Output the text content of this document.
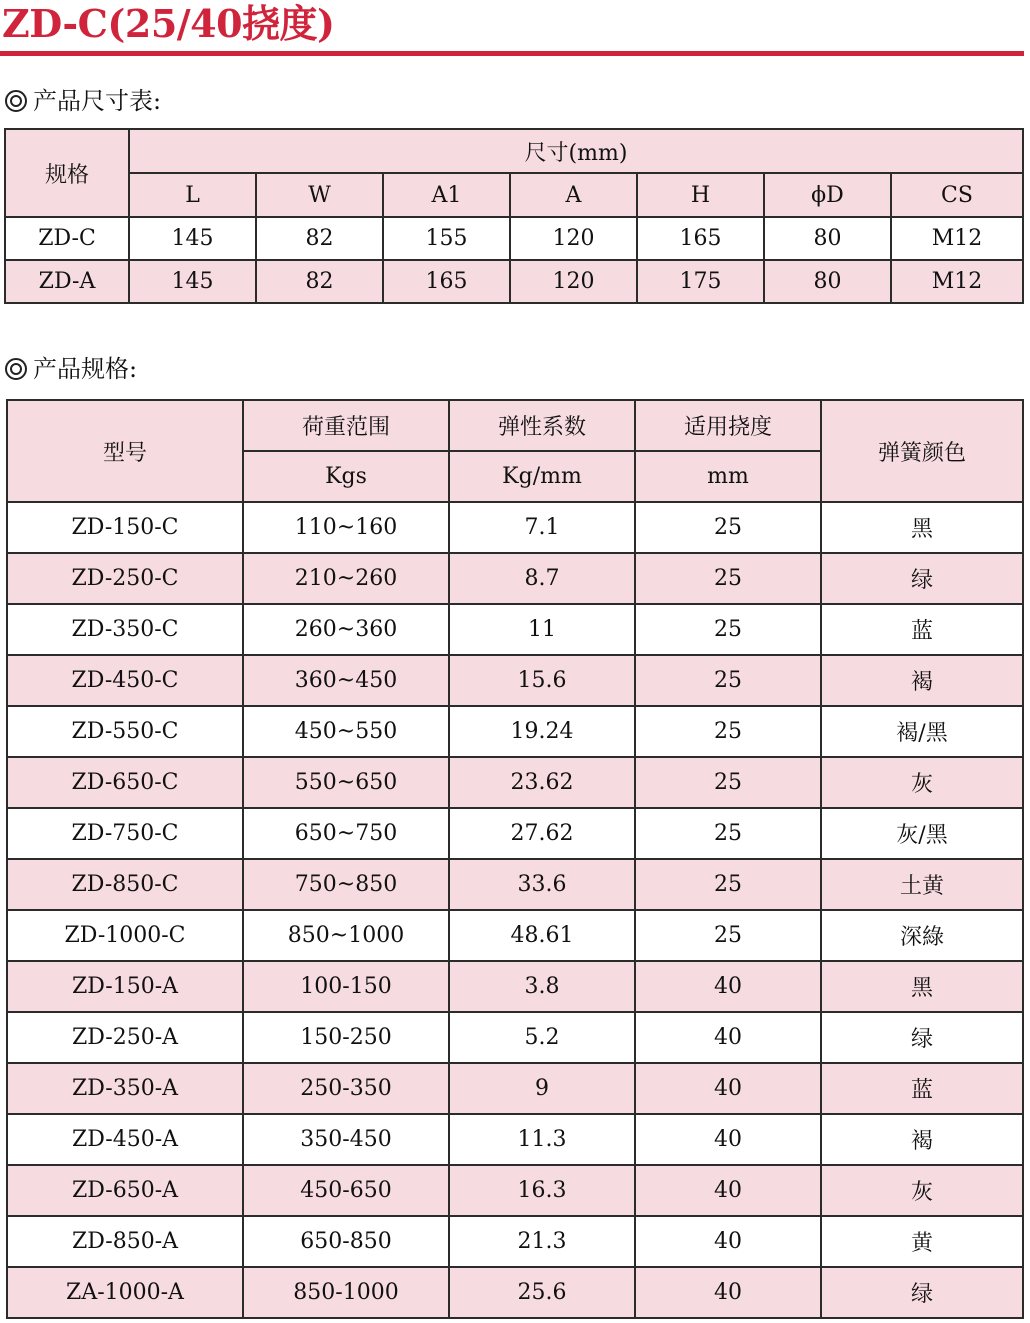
ZD-C(25/40挠度)
产品尺寸表:
规格	尺寸(mm)						
	L	W	A1	A	H	ϕD	CS
ZD-C	145	82	155	120	165	80	M12
ZD-A	145	82	165	120	175	80	M12
产品规格:
型号	荷重范围	弹性系数	适用挠度	弹簧颜色
	Kgs	Kg/mm	mm	
ZD-150-C	110~160	7.1	25	黑
ZD-250-C	210~260	8.7	25	绿
ZD-350-C	260~360	11	25	蓝
ZD-450-C	360~450	15.6	25	褐
ZD-550-C	450~550	19.24	25	褐/黑
ZD-650-C	550~650	23.62	25	灰
ZD-750-C	650~750	27.62	25	灰/黑
ZD-850-C	750~850	33.6	25	土黄
ZD-1000-C	850~1000	48.61	25	深綠
ZD-150-A	100-150	3.8	40	黑
ZD-250-A	150-250	5.2	40	绿
ZD-350-A	250-350	9	40	蓝
ZD-450-A	350-450	11.3	40	褐
ZD-650-A	450-650	16.3	40	灰
ZD-850-A	650-850	21.3	40	黄
ZA-1000-A	850-1000	25.6	40	绿
